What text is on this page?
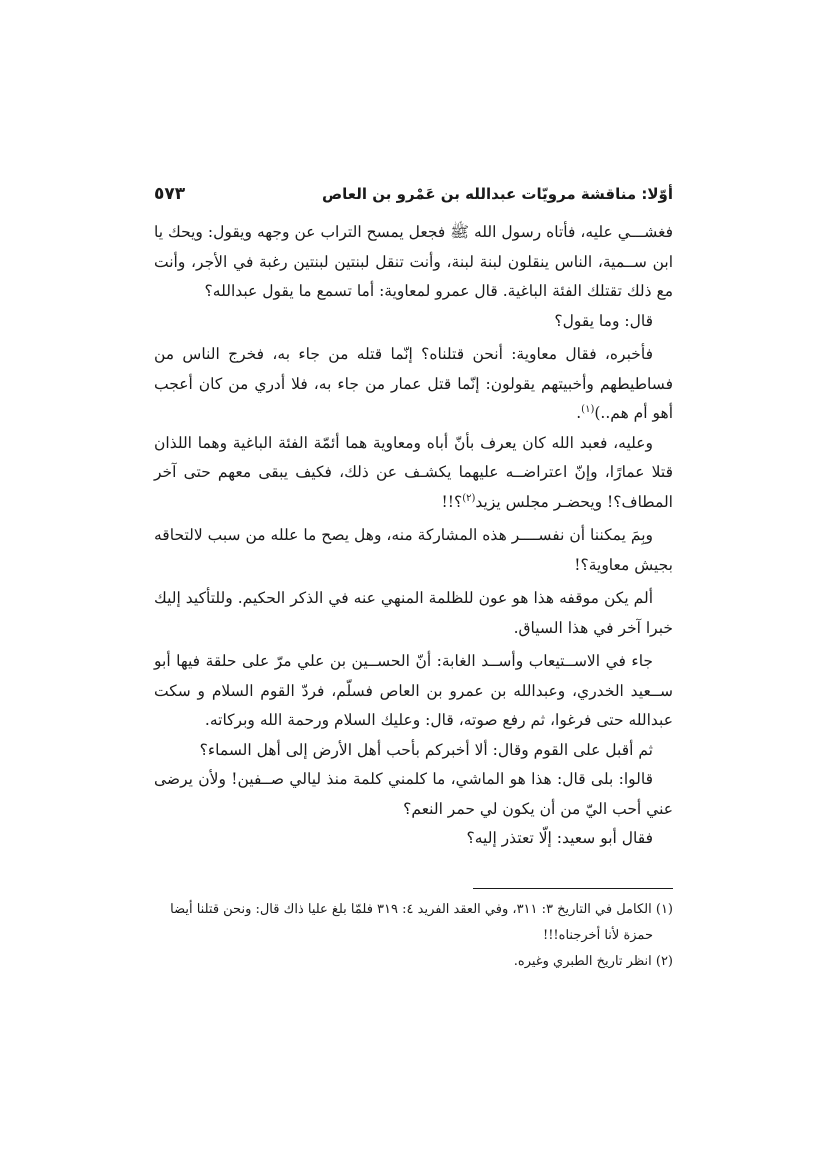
أوّلا: مناقشة مرويّات عبدالله بن عَمْرو بن العاص
٥٧٣

فغشـــي عليه، فأتاه رسول الله ﷺ فجعل يمسح التراب عن وجهه ويقول: ويحك يا ابن ســمية، الناس ينقلون لبنة لبنة، وأنت تنقل لبنتين لبنتين رغبة في الأجر، وأنت مع ذلك تقتلك الفئة الباغية. قال عمرو لمعاوية: أما تسمع ما يقول عبدالله؟

قال: وما يقول؟

فأخبره، فقال معاوية: أنحن قتلناه؟ إنّما قتله من جاء به، فخرج الناس من فساطيطهم وأخبيتهم يقولون: إنّما قتل عمار من جاء به، فلا أدري من كان أعجب أهو أم هم..)$^{(١)}$.

وعليه، فعبد الله كان يعرف بأنّ أباه ومعاوية هما أئمّة الفئة الباغية وهما اللذان قتلا عمارًا، وإنّ اعتراضــه عليهما يكشـف عن ذلك، فكيف يبقى معهم حتى آخر المطاف؟! ويحضـر مجلس يزيد$^{(٢)}$؟!!

وبِمَ يمكننا أن نفســــر هذه المشاركة منه، وهل يصح ما علله من سبب لالتحاقه بجيش معاوية؟!

ألم يكن موقفه هذا هو عون للظلمة المنهي عنه في الذكر الحكيم. وللتأكيد إليك خبرا آخر في هذا السياق.

جاء في الاســتيعاب وأســد الغابة: أنّ الحســين بن علي مرّ على حلقة فيها أبو ســعيد الخدري، وعبدالله بن عمرو بن العاص فسلّم، فردّ القوم السلام و سكت عبدالله حتى فرغوا، ثم رفع صوته، قال: وعليك السلام ورحمة الله وبركاته.

ثم أقبل على القوم وقال: ألا أخبركم بأحب أهل الأرض إلى أهل السماء؟

قالوا: بلى قال: هذا هو الماشي، ما كلمني كلمة منذ ليالي صــفين! ولأن يرضى عني أحب اليّ من أن يكون لي حمر النعم؟

فقال أبو سعيد: إلّا تعتذر إليه؟

(١) الكامل في التاريخ ٣: ٣١١، وفي العقد الفريد ٤: ٣١٩ فلمّا بلغ عليا ذاك قال: ونحن قتلنا أيضا

حمزة لأنا أخرجناه!!!

(٢) انظر تاريخ الطبري وغيره.
